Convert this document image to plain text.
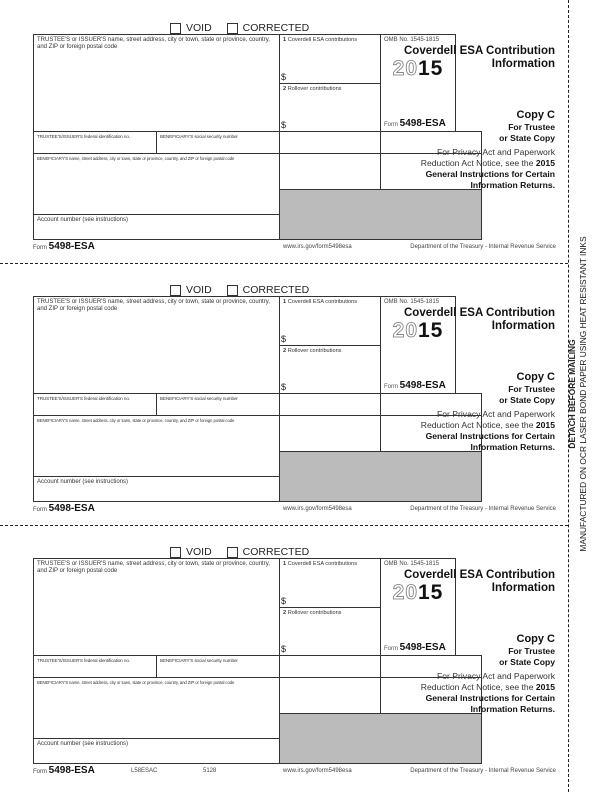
VOID	CORRECTED
TRUSTEE'S or ISSUER'S name, street address, city or town, state or province, country, and ZIP or foreign postal code
1 Coverdell ESA contributions
$
2 Rollover contributions
$
OMB No. 1545-1815
2015
Form 5498-ESA
Coverdell ESA Contribution Information
TRUSTEE'S/ISSUER'S federal identification no.	BENEFICIARY'S social security number
BENEFICIARY'S name, street address, city or town, state or province, country, and ZIP or foreign postal code
Account number (see instructions)
Copy C
For Trustee
or State Copy
For Privacy Act and Paperwork Reduction Act Notice, see the 2015 General Instructions for Certain Information Returns.
Form 5498-ESA	www.irs.gov/form5498esa	Department of the Treasury - Internal Revenue Service
VOID	CORRECTED
TRUSTEE'S or ISSUER'S name, street address, city or town, state or province, country, and ZIP or foreign postal code
1 Coverdell ESA contributions
$
2 Rollover contributions
$
OMB No. 1545-1815
2015
Form 5498-ESA
Coverdell ESA Contribution Information
TRUSTEE'S/ISSUER'S federal identification no.	BENEFICIARY'S social security number
BENEFICIARY'S name, street address, city or town, state or province, country, and ZIP or foreign postal code
Account number (see instructions)
Copy C
For Trustee
or State Copy
For Privacy Act and Paperwork Reduction Act Notice, see the 2015 General Instructions for Certain Information Returns.
Form 5498-ESA	www.irs.gov/form5498esa	Department of the Treasury - Internal Revenue Service
VOID	CORRECTED
TRUSTEE'S or ISSUER'S name, street address, city or town, state or province, country, and ZIP or foreign postal code
1 Coverdell ESA contributions
$
2 Rollover contributions
$
OMB No. 1545-1815
2015
Form 5498-ESA
Coverdell ESA Contribution Information
TRUSTEE'S/ISSUER'S federal identification no.	BENEFICIARY'S social security number
BENEFICIARY'S name, street address, city or town, state or province, country, and ZIP or foreign postal code
Account number (see instructions)
Copy C
For Trustee
or State Copy
For Privacy Act and Paperwork Reduction Act Notice, see the 2015 General Instructions for Certain Information Returns.
Form 5498-ESA	L58ESAC	5128	www.irs.gov/form5498esa	Department of the Treasury - Internal Revenue Service
DETACH BEFORE MAILING MANUFACTURED ON OCR LASER BOND PAPER USING HEAT RESISTANT INKS
